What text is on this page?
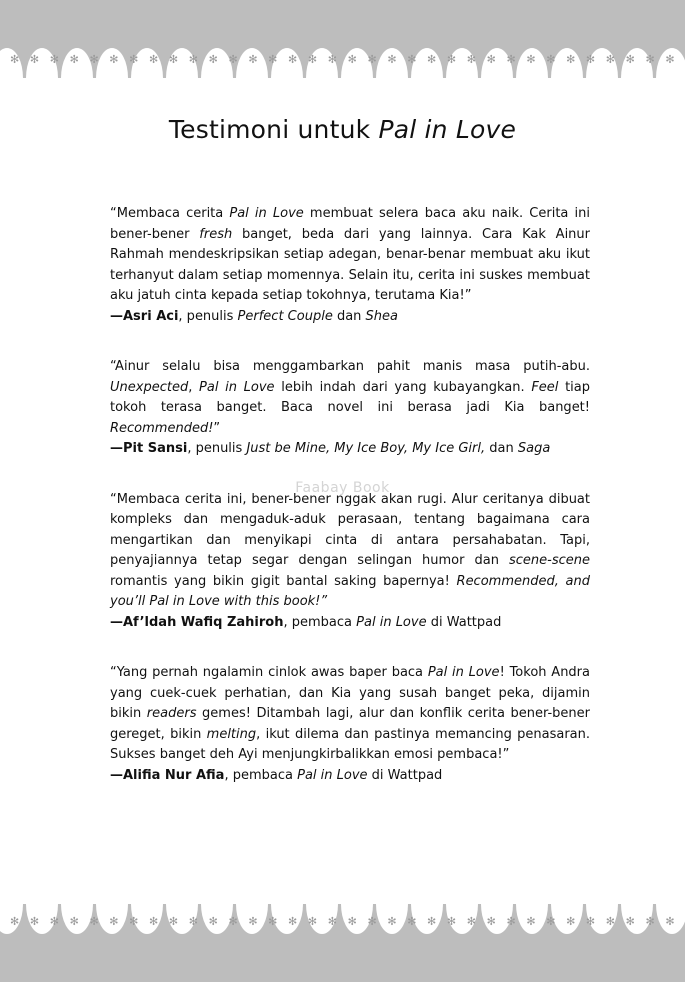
✻ ✻ ✻ ✻ ✻ ✻ ✻ ✻ ✻ ✻ ✻ ✻ ✻ ✻ ✻ ✻ ✻ ✻ ✻ ✻ ✻ ✻ ✻ ✻ ✻ ✻ ✻ ✻ ✻ ✻ ✻ ✻ ✻ ✻
Testimoni untuk Pal in Love

“Membaca cerita Pal in Love membuat selera baca aku naik. Cerita ini bener-bener fresh banget, beda dari yang lainnya. Cara Kak Ainur Rahmah mendeskripsikan setiap adegan, benar-benar membuat aku ikut terhanyut dalam setiap momennya. Selain itu, cerita ini suskes membuat aku jatuh cinta kepada setiap tokohnya, terutama Kia!”

—Asri Aci, penulis Perfect Couple dan Shea

“Ainur selalu bisa menggambarkan pahit manis masa putih-abu. Unexpected, Pal in Love lebih indah dari yang kubayangkan. Feel tiap tokoh terasa banget. Baca novel ini berasa jadi Kia banget! Recommended!”

—Pit Sansi, penulis Just be Mine, My Ice Boy, My Ice Girl, dan Saga

“Membaca cerita ini, bener-bener nggak akan rugi. Alur ceritanya dibuat kompleks dan mengaduk-aduk perasaan, tentang bagaimana cara mengartikan dan menyikapi cinta di antara persahabatan. Tapi, penyajiannya tetap segar dengan selingan humor dan scene-scene romantis yang bikin gigit bantal saking bapernya! Recommended, and you’ll Pal in Love with this book!”

—Af’ldah Wafiq Zahiroh, pembaca Pal in Love di Wattpad

“Yang pernah ngalamin cinlok awas baper baca Pal in Love! Tokoh Andra yang cuek-cuek perhatian, dan Kia yang susah banget peka, dijamin bikin readers gemes! Ditambah lagi, alur dan konflik cerita bener-bener gereget, bikin melting, ikut dilema dan pastinya memancing penasaran. Sukses banget deh Ayi menjungkirbalikkan emosi pembaca!”

—Alifia Nur Afia, pembaca Pal in Love di Wattpad

Faabay Book
✻ ✻ ✻ ✻ ✻ ✻ ✻ ✻ ✻ ✻ ✻ ✻ ✻ ✻ ✻ ✻ ✻ ✻ ✻ ✻ ✻ ✻ ✻ ✻ ✻ ✻ ✻ ✻ ✻ ✻ ✻ ✻ ✻ ✻
